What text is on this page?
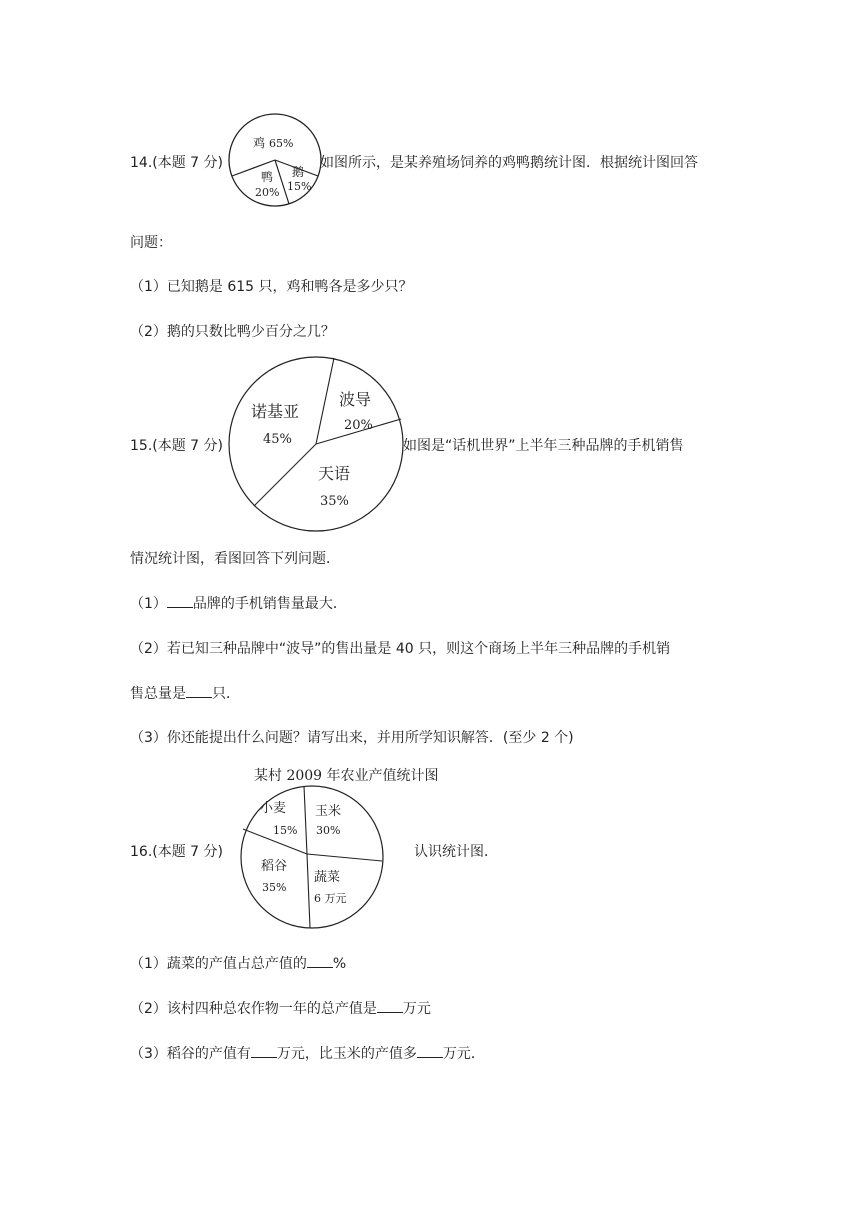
14.(本题 7 分)
鸡 65%
鸭
20%
鹅
15%
如图所示，是某养殖场饲养的鸡鸭鹅统计图．根据统计图回答
问题：
（1）已知鹅是 615 只，鸡和鸭各是多少只？
（2）鹅的只数比鸭少百分之几？
15.(本题 7 分)
诺基亚
45%
波导
20%
天语
35%
如图是“话机世界”上半年三种品牌的手机销售
情况统计图，看图回答下列问题．
（1） 品牌的手机销售量最大．
（2）若已知三种品牌中“波导”的售出量是 40 只，则这个商场上半年三种品牌的手机销
售总量是 只．
（3）你还能提出什么问题？请写出来，并用所学知识解答．(至少 2 个)
某村 2009 年农业产值统计图
16.(本题 7 分)
小麦
15%
玉米
30%
蔬菜
6 万元
稻谷
35%
认识统计图．
（1）蔬菜的产值占总产值的 %
（2）该村四种总农作物一年的总产值是 万元
（3）稻谷的产值有 万元，比玉米的产值多 万元．
